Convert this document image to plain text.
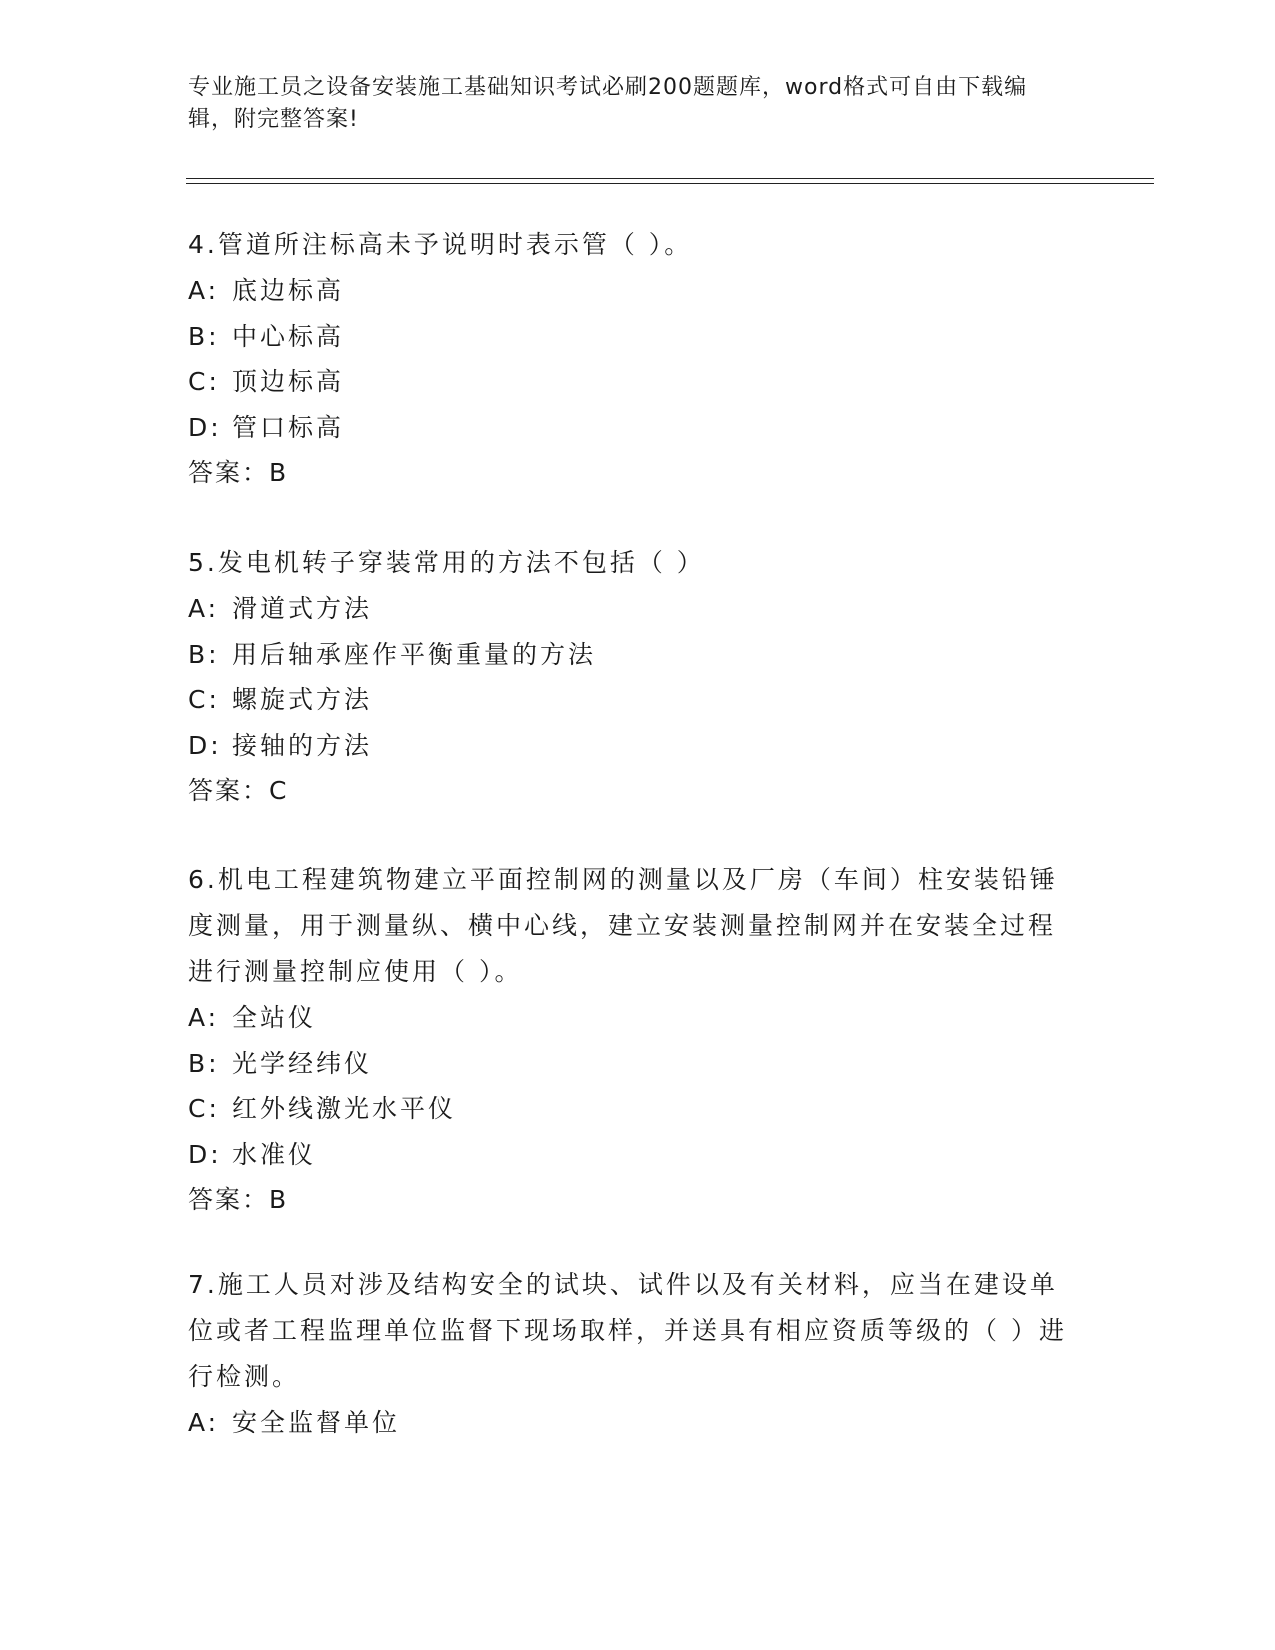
专业施工员之设备安装施工基础知识考试必刷200题题库，word格式可自由下载编辑，附完整答案!

4.管道所注标高未予说明时表示管（ ）。

A: 底边标高

B: 中心标高

C: 顶边标高

D: 管口标高

答案：B

5.发电机转子穿装常用的方法不包括（ ）

A: 滑道式方法

B: 用后轴承座作平衡重量的方法

C: 螺旋式方法

D: 接轴的方法

答案：C

6.机电工程建筑物建立平面控制网的测量以及厂房（车间）柱安装铅锤度测量，用于测量纵、横中心线，建立安装测量控制网并在安装全过程进行测量控制应使用（ ）。

A: 全站仪

B: 光学经纬仪

C: 红外线激光水平仪

D: 水准仪

答案：B

7.施工人员对涉及结构安全的试块、试件以及有关材料，应当在建设单位或者工程监理单位监督下现场取样，并送具有相应资质等级的（ ）进行检测。

A: 安全监督单位
